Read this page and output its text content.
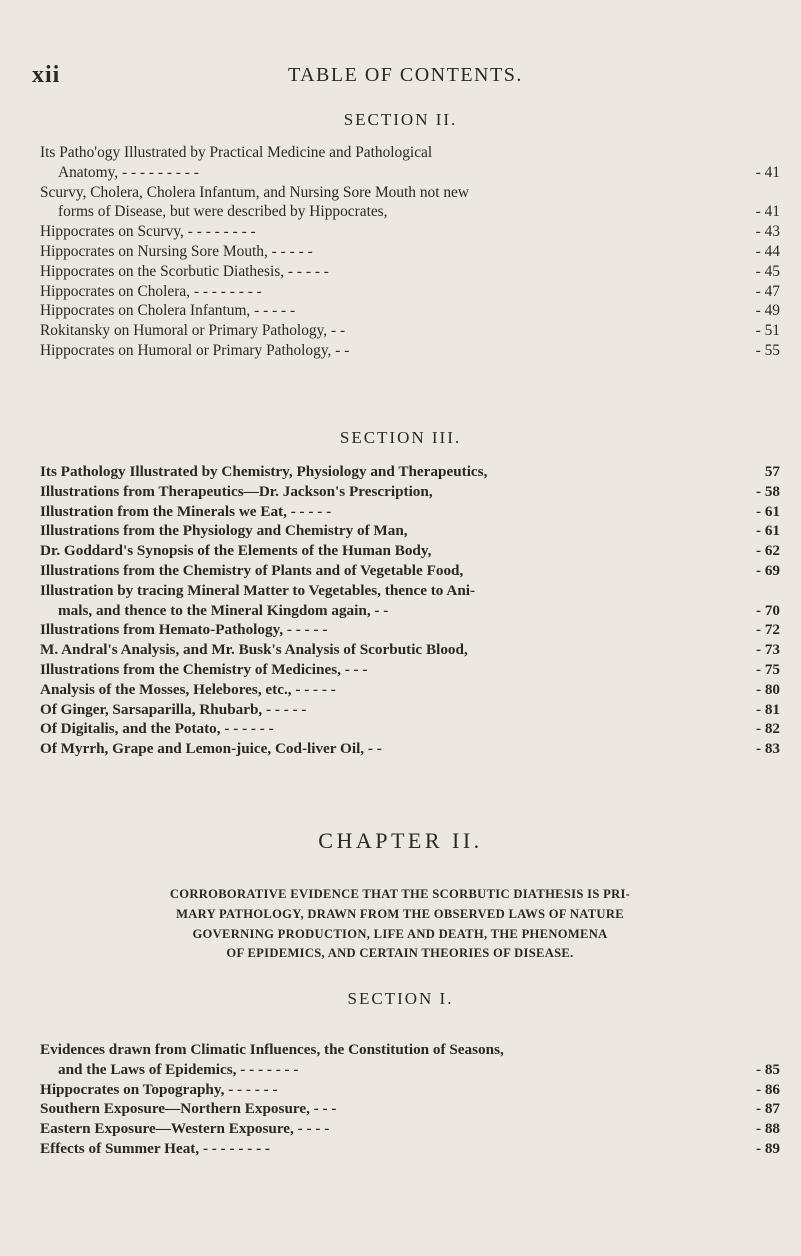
xii	TABLE OF CONTENTS.
SECTION II.
Its Patho'ogy Illustrated by Practical Medicine and Pathological
Anatomy, - - - - - - - - -	- 41
Scurvy, Cholera, Cholera Infantum, and Nursing Sore Mouth not new
forms of Disease, but were described by Hippocrates,	- 41
Hippocrates on Scurvy, - - - - - - - -	- 43
Hippocrates on Nursing Sore Mouth, - - - - -	- 44
Hippocrates on the Scorbutic Diathesis, - - - - -	- 45
Hippocrates on Cholera, - - - - - - - -	- 47
Hippocrates on Cholera Infantum, - - - - -	- 49
Rokitansky on Humoral or Primary Pathology, - -	- 51
Hippocrates on Humoral or Primary Pathology, - -	- 55
SECTION III.
Its Pathology Illustrated by Chemistry, Physiology and Therapeutics,	57
Illustrations from Therapeutics—Dr. Jackson's Prescription,	- 58
Illustration from the Minerals we Eat, - - - - -	- 61
Illustrations from the Physiology and Chemistry of Man,	- 61
Dr. Goddard's Synopsis of the Elements of the Human Body,	- 62
Illustrations from the Chemistry of Plants and of Vegetable Food,	- 69
Illustration by tracing Mineral Matter to Vegetables, thence to Ani-
mals, and thence to the Mineral Kingdom again, - -	- 70
Illustrations from Hemato-Pathology, - - - - -	- 72
M. Andral's Analysis, and Mr. Busk's Analysis of Scorbutic Blood,	- 73
Illustrations from the Chemistry of Medicines, - - -	- 75
Analysis of the Mosses, Helebores, etc., - - - - -	- 80
Of Ginger, Sarsaparilla, Rhubarb, - - - - -	- 81
Of Digitalis, and the Potato, - - - - - -	- 82
Of Myrrh, Grape and Lemon-juice, Cod-liver Oil, - -	- 83
CHAPTER II.
CORROBORATIVE EVIDENCE THAT THE SCORBUTIC DIATHESIS IS PRI-
MARY PATHOLOGY, DRAWN FROM THE OBSERVED LAWS OF NATURE
GOVERNING PRODUCTION, LIFE AND DEATH, THE PHENOMENA
OF EPIDEMICS, AND CERTAIN THEORIES OF DISEASE.
SECTION I.
Evidences drawn from Climatic Influences, the Constitution of Seasons,
and the Laws of Epidemics, - - - - - - -	- 85
Hippocrates on Topography, - - - - - -	- 86
Southern Exposure—Northern Exposure, - - -	- 87
Eastern Exposure—Western Exposure, - - - -	- 88
Effects of Summer Heat, - - - - - - - -	- 89
